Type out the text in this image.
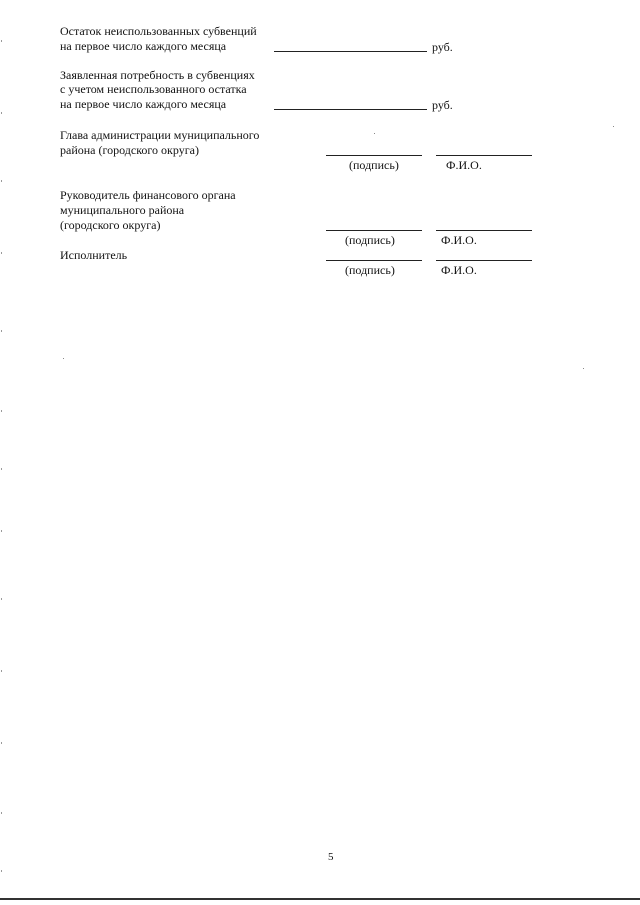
Остаток неиспользованных субвенций
на первое число каждого месяца	руб.
Заявленная потребность в субвенциях
с учетом неиспользованного остатка
на первое число каждого месяца	руб.
Глава администрации муниципального
района (городского округа)
(подпись)	Ф.И.О.
Руководитель финансового органа
муниципального района
(городского округа)
(подпись)	Ф.И.О.
Исполнитель
(подпись)	Ф.И.О.
5
